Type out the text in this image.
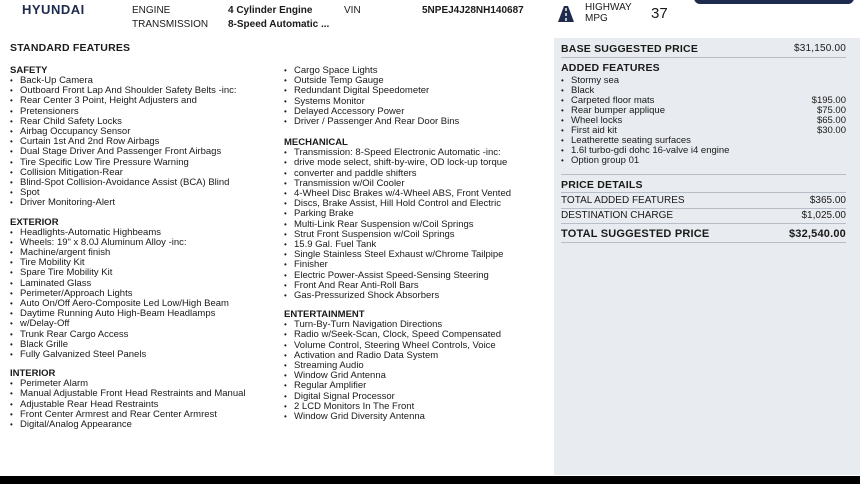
HYUNDAI	ENGINE	4 Cylinder Engine
TRANSMISSION 8-Speed Automatic ...
VIN	5NPEJ4J28NH140687	HIGHWAY
MPG	37
STANDARD FEATURES
SAFETY
• Back-Up Camera
• Outboard Front Lap And Shoulder Safety Belts -inc:
• Rear Center 3 Point, Height Adjusters and
• Pretensioners
• Rear Child Safety Locks
• Airbag Occupancy Sensor
• Curtain 1st And 2nd Row Airbags
• Dual Stage Driver And Passenger Front Airbags
• Tire Specific Low Tire Pressure Warning
• Collision Mitigation-Rear
• Blind-Spot Collision-Avoidance Assist (BCA) Blind
• Spot
• Driver Monitoring-Alert
EXTERIOR
• Headlights-Automatic Highbeams
• Wheels: 19" x 8.0J Aluminum Alloy -inc:
• Machine/argent finish
• Tire Mobility Kit
• Spare Tire Mobility Kit
• Laminated Glass
• Perimeter/Approach Lights
• Auto On/Off Aero-Composite Led Low/High Beam
• Daytime Running Auto High-Beam Headlamps
• w/Delay-Off
• Trunk Rear Cargo Access
• Black Grille
• Fully Galvanized Steel Panels
INTERIOR
• Perimeter Alarm
• Manual Adjustable Front Head Restraints and Manual
• Adjustable Rear Head Restraints
• Front Center Armrest and Rear Center Armrest
• Digital/Analog Appearance
• Cargo Space Lights
• Outside Temp Gauge
• Redundant Digital Speedometer
• Systems Monitor
• Delayed Accessory Power
• Driver / Passenger And Rear Door Bins
MECHANICAL
• Transmission: 8-Speed Electronic Automatic -inc:
• drive mode select, shift-by-wire, OD lock-up torque
• converter and paddle shifters
• Transmission w/Oil Cooler
• 4-Wheel Disc Brakes w/4-Wheel ABS, Front Vented
• Discs, Brake Assist, Hill Hold Control and Electric
• Parking Brake
• Multi-Link Rear Suspension w/Coil Springs
• Strut Front Suspension w/Coil Springs
• 15.9 Gal. Fuel Tank
• Single Stainless Steel Exhaust w/Chrome Tailpipe
• Finisher
• Electric Power-Assist Speed-Sensing Steering
• Front And Rear Anti-Roll Bars
• Gas-Pressurized Shock Absorbers
ENTERTAINMENT
• Turn-By-Turn Navigation Directions
• Radio w/Seek-Scan, Clock, Speed Compensated
• Volume Control, Steering Wheel Controls, Voice
• Activation and Radio Data System
• Streaming Audio
• Window Grid Antenna
• Regular Amplifier
• Digital Signal Processor
• 2 LCD Monitors In The Front
• Window Grid Diversity Antenna
BASE SUGGESTED PRICE	$31,150.00
ADDED FEATURES
• Stormy sea
• Black
• Carpeted floor mats	$195.00
• Rear bumper applique	$75.00
• Wheel locks	$65.00
• First aid kit	$30.00
• Leatherette seating surfaces
• 1.6l turbo-gdi dohc 16-valve i4 engine
• Option group 01
PRICE DETAILS
TOTAL ADDED FEATURES	$365.00
DESTINATION CHARGE	$1,025.00
TOTAL SUGGESTED PRICE	$32,540.00
